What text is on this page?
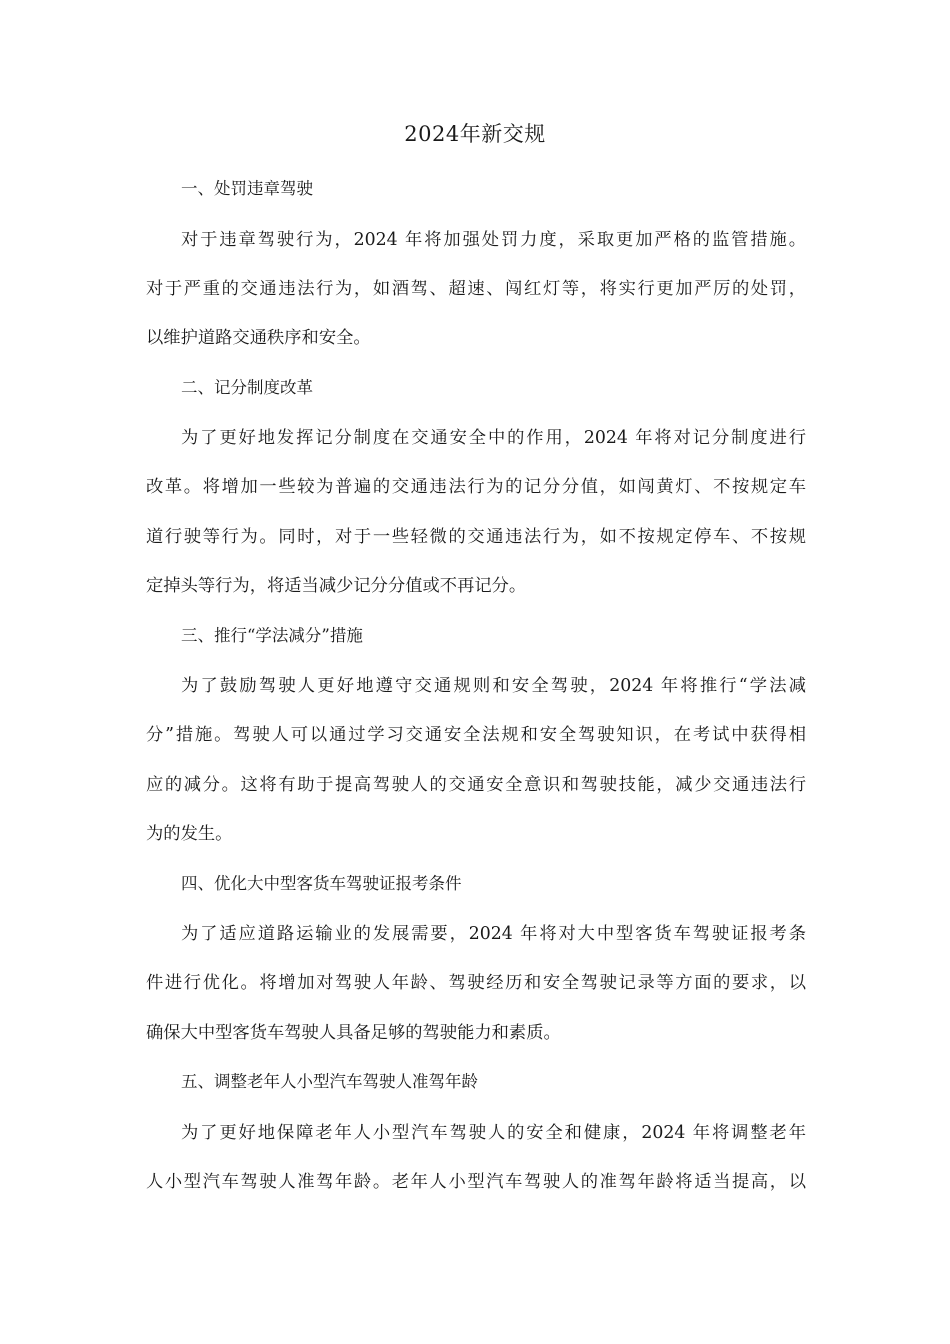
2024年新交规
一、处罚违章驾驶
对于违章驾驶行为，2024 年将加强处罚力度，采取更加严格的监管措施。
对于严重的交通违法行为，如酒驾、超速、闯红灯等，将实行更加严厉的处罚，
以维护道路交通秩序和安全。
二、记分制度改革
为了更好地发挥记分制度在交通安全中的作用，2024 年将对记分制度进行
改革。将增加一些较为普遍的交通违法行为的记分分值，如闯黄灯、不按规定车
道行驶等行为。同时，对于一些轻微的交通违法行为，如不按规定停车、不按规
定掉头等行为，将适当减少记分分值或不再记分。
三、推行“学法减分”措施
为了鼓励驾驶人更好地遵守交通规则和安全驾驶，2024 年将推行“学法减
分”措施。驾驶人可以通过学习交通安全法规和安全驾驶知识，在考试中获得相
应的减分。这将有助于提高驾驶人的交通安全意识和驾驶技能，减少交通违法行
为的发生。
四、优化大中型客货车驾驶证报考条件
为了适应道路运输业的发展需要，2024 年将对大中型客货车驾驶证报考条
件进行优化。将增加对驾驶人年龄、驾驶经历和安全驾驶记录等方面的要求，以
确保大中型客货车驾驶人具备足够的驾驶能力和素质。
五、调整老年人小型汽车驾驶人准驾年龄
为了更好地保障老年人小型汽车驾驶人的安全和健康，2024 年将调整老年
人小型汽车驾驶人准驾年龄。老年人小型汽车驾驶人的准驾年龄将适当提高，以
